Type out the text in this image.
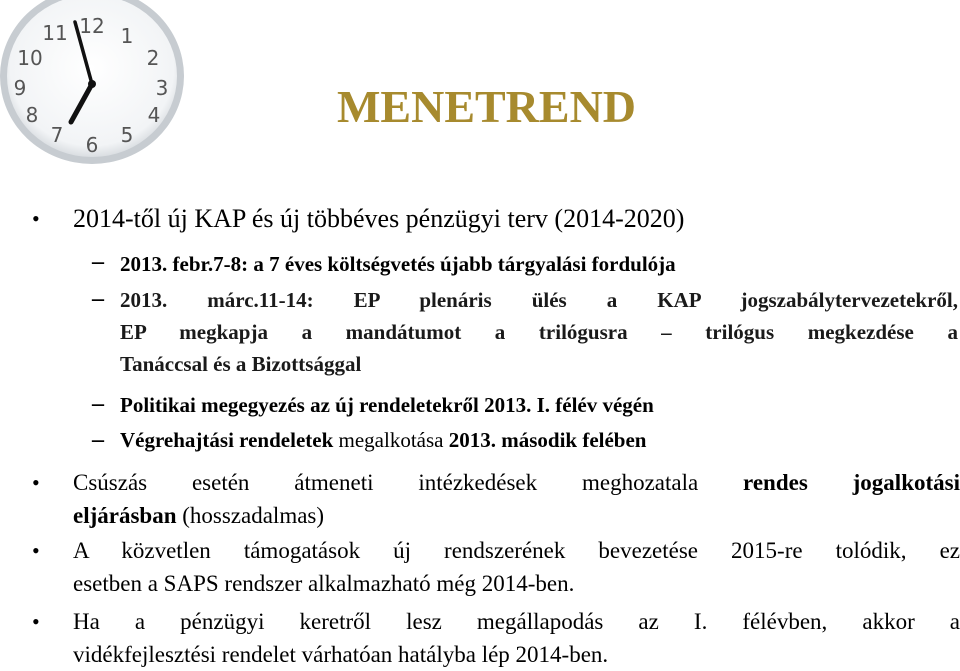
12 1
2
3
4
5
6
7
8
9
10
11
MENETREND
• 2014-től új KAP és új többéves pénzügyi terv (2014-2020)
– 2013. febr.7-8: a 7 éves költségvetés újabb tárgyalási fordulója
– 2013. márc.11-14: EP plenáris ülés a KAP jogszabálytervezetekről,
EP megkapja a mandátumot a trilógusra – trilógus megkezdése a
Tanáccsal és a Bizottsággal
– Politikai megegyezés az új rendeletekről 2013. I. félév végén
– Végrehajtási rendeletek megalkotása 2013. második felében
• Csúszás esetén átmeneti intézkedések meghozatala rendes jogalkotási
eljárásban (hosszadalmas)
• A közvetlen támogatások új rendszerének bevezetése 2015-re tolódik, ez
esetben a SAPS rendszer alkalmazható még 2014-ben.
• Ha a pénzügyi keretről lesz megállapodás az I. félévben, akkor a
vidékfejlesztési rendelet várhatóan hatályba lép 2014-ben.
